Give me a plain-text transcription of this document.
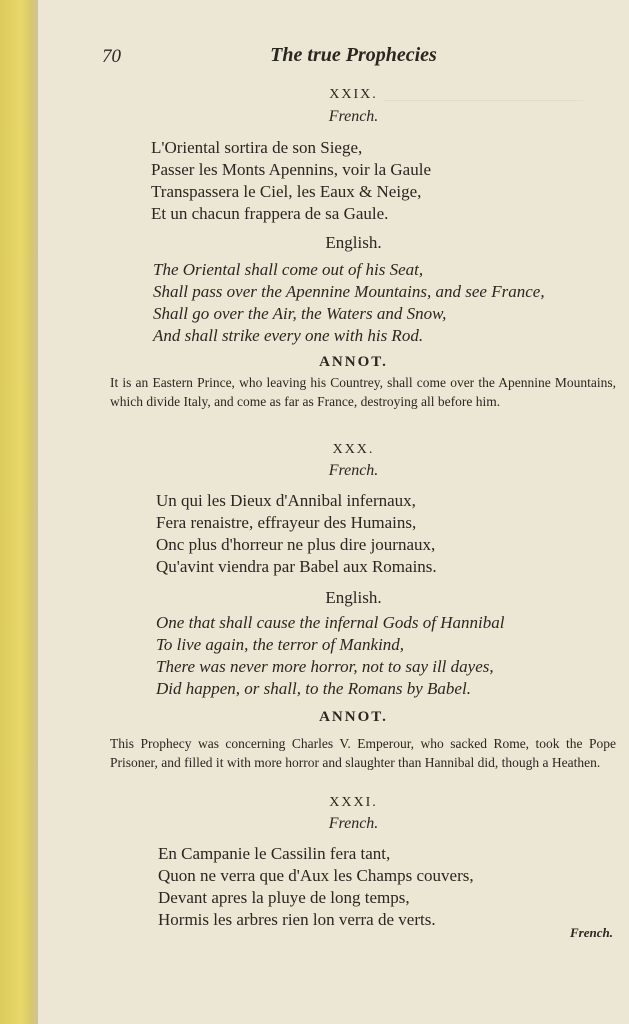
70	The true Prophecies
XXIX.
French.
L'Oriental sortira de son Siege,
Passer les Monts Apennins, voir la Gaule
Transpassera le Ciel, les Eaux & Neige,
Et un chacun frappera de sa Gaule.
English.
The Oriental shall come out of his Seat,
Shall pass over the Apennine Mountains, and see France,
Shall go over the Air, the Waters and Snow,
And shall strike every one with his Rod.
ANNOT.
It is an Eastern Prince, who leaving his Countrey, shall come over the Apennine Mountains, which divide Italy, and come as far as France, destroying all before him.
XXX.
French.
Un qui les Dieux d'Annibal infernaux,
Fera renaistre, effrayeur des Humains,
Onc plus d'horreur ne plus dire journaux,
Qu'avint viendra par Babel aux Romains.
English.
One that shall cause the infernal Gods of Hannibal
To live again, the terror of Mankind,
There was never more horror, not to say ill dayes,
Did happen, or shall, to the Romans by Babel.
ANNOT.
This Prophecy was concerning Charles V. Emperour, who sacked Rome, took the Pope Prisoner, and filled it with more horror and slaughter than Hannibal did, though a Heathen.
XXXI.
French.
En Campanie le Cassilin fera tant,
Quon ne verra que d'Aux les Champs couvers,
Devant apres la pluye de long temps,
Hormis les arbres rien lon verra de verts.
French.
